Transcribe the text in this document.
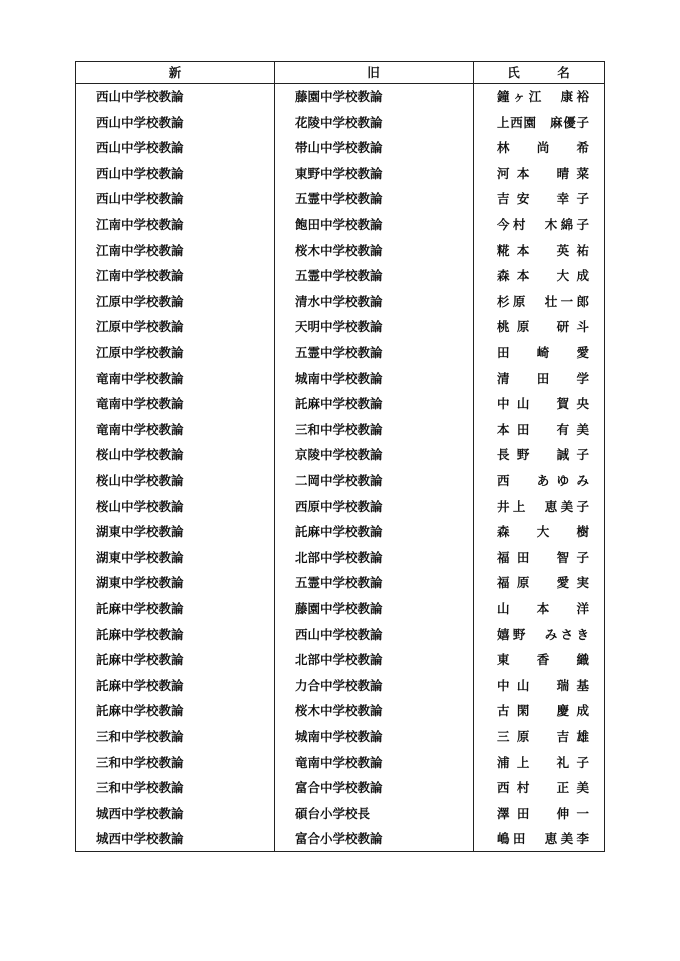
新	旧	氏　　　名
西山中学校教論	藤園中学校教論	鐘ヶ江　康裕
西山中学校教論	花陵中学校教論	上西園　麻優子
西山中学校教論	帯山中学校教論	林　尚　希
西山中学校教論	東野中学校教論	河本　晴菜
西山中学校教論	五霊中学校教論	吉安　幸子
江南中学校教論	飽田中学校教論	今村　木綿子
江南中学校教論	桜木中学校教論	糀本　英祐
江南中学校教論	五霊中学校教論	森本　大成
江原中学校教論	清水中学校教論	杉原　壮一郎
江原中学校教論	天明中学校教論	桃原　研斗
江原中学校教論	五霊中学校教論	田　崎　愛
竜南中学校教論	城南中学校教論	清　田　学
竜南中学校教論	託麻中学校教論	中山　賀央
竜南中学校教論	三和中学校教論	本田　有美
桜山中学校教論	京陵中学校教論	長野　誠子
桜山中学校教論	二岡中学校教論	西　あゆみ
桜山中学校教論	西原中学校教論	井上　恵美子
湖東中学校教論	託麻中学校教論	森　大　樹
湖東中学校教論	北部中学校教論	福田　智子
湖東中学校教論	五霊中学校教論	福原　愛実
託麻中学校教論	藤園中学校教論	山　本　洋
託麻中学校教論	西山中学校教論	嬉野　みさき
託麻中学校教論	北部中学校教論	東　香　織
託麻中学校教論	力合中学校教論	中山　瑞基
託麻中学校教論	桜木中学校教論	古閑　慶成
三和中学校教論	城南中学校教論	三原　吉雄
三和中学校教論	竜南中学校教論	浦上　礼子
三和中学校教論	富合中学校教論	西村　正美
城西中学校教論	碩台小学校長	澤田　伸一
城西中学校教論	富合小学校教論	嶋田　恵美李
